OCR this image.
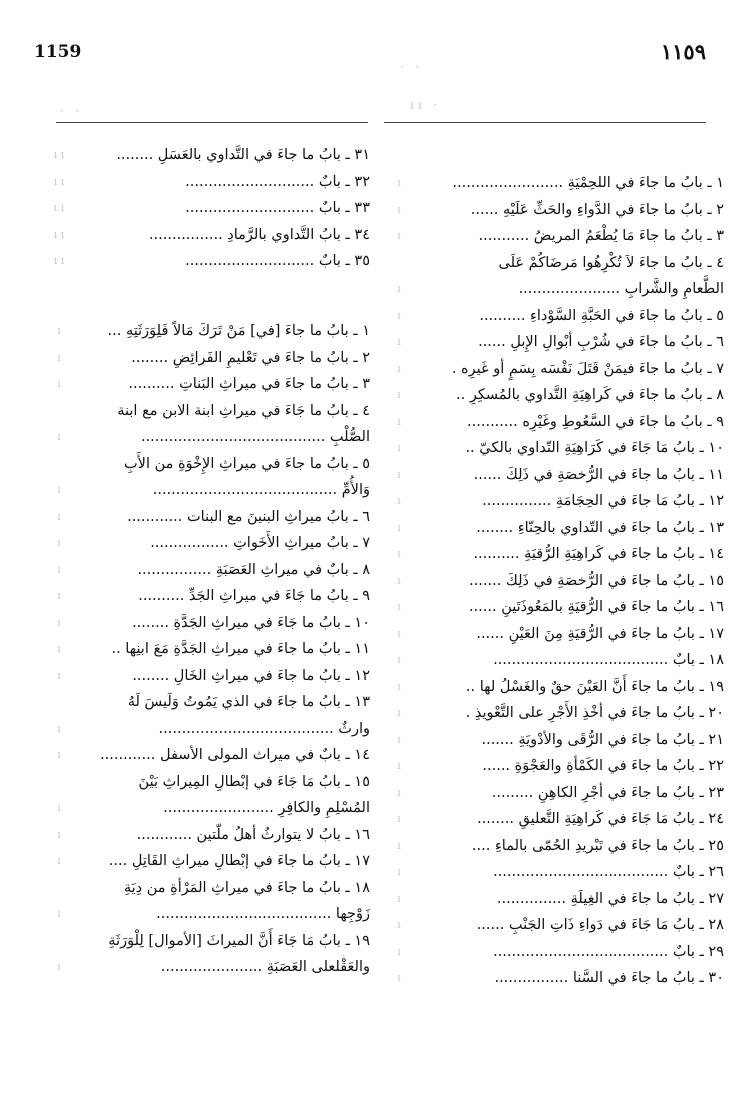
1159	١١٥٩
· ·
ıı ·
· ·
١ ـ بابُ ما جاءَ في اللحِمْيَةِ ........................
ı
٢ ـ بابُ ما جاءَ في الدَّواءِ والحَثِّ عَلَيْهِ ......
ı
٣ ـ بابُ ما جاءَ مَا يُطْعَمُ المريضُ ...........
ı
٤ ـ بابُ ما جاءَ لاَ تُكْرِهُوا مَرضَاكُمْ عَلَى
الطَّعامِ والشَّرابِ ......................
ı
٥ ـ بابُ ما جاءَ في الحَبَّةِ السَّوْداءِ ..........
ı
٦ ـ بابُ ما جاءَ في شُرْبِ أبْوالِ الإِبلِ ......
ı
٧ ـ بابُ ما جاءَ فيمَنْ قَتَلَ نَفْسَه بِسَمٍ أو غَيرِه .
ı
٨ ـ بابُ ما جاءَ في كَراهِيَةِ التَّداوي بالمُسكِرِ ..
ı
٩ ـ بابُ ما جاءَ في السَّعُوطِ وغَيْرِه ...........
ı
١٠ ـ بابُ مَا جَاءَ في كَرَاهِيَةِ التّداوي بالكيّ ..
ı
١١ ـ بابُ ما جاءَ في الرُّخصَةِ في ذَلِكَ ......
ı
١٢ ـ بابُ مَا جاءَ في الحِجَامَةِ ...............
ı
١٣ ـ بابُ ما جاءَ في التّداوي بالحِنّاءِ ........
ı
١٤ ـ بابُ ما جاءَ في كَراهِيَةِ الرُّقيَةِ ..........
ı
١٥ ـ بابُ ما جاءَ في الرُّخصَةِ في ذَلِكَ .......
ı
١٦ ـ بابُ ما جاءَ في الرُّقيَةِ بالمَعُوذَتَينِ ......
ı
١٧ ـ بابُ ما جاءَ في الرُّقيَةِ مِنَ العَيْنِ ......
ı
١٨ ـ بابٌ ......................................
ı
١٩ ـ بابُ ما جاءَ أَنَّ العَيْنَ حقٌ والغَسْلُ لها ..
ı
٢٠ ـ بابُ ما جاءَ في أخْذِ الأَجْرِ على التَّعْويذِ .
ı
٢١ ـ بابُ ما جاءَ في الرُّقَى والأدْويَةِ .......
ı
٢٢ ـ بابُ ما جاءَ في الكَمْأةِ والعَجْوَةِ ......
ı
٢٣ ـ بابُ ما جاءَ في أجْرِ الكاهِنِ .........
ı
٢٤ ـ بابُ مَا جَاءَ في كَراهِيَةِ التَّعليقِ ........
ı
٢٥ ـ بابُ ما جاءَ في تَبْريدِ الحُمّى بالماءِ ....
ı
٢٦ ـ بابٌ ......................................
ı
٢٧ ـ بابُ ما جاءَ في الغِيلَةِ ...............
ı
٢٨ ـ بابُ مَا جَاءَ في دَواءِ ذَاتِ الجَنْبِ ......
ı
٢٩ ـ بابٌ ......................................
ı
٣٠ ـ بابُ ما جاءَ في السَّنا ................
ı
٣١ ـ بابُ ما جاءَ في التَّداوي بالعَسَلِ ........
ı ı
٣٢ ـ بابٌ ............................
ı ı
٣٣ ـ بابٌ ............................
ı ı
٣٤ ـ بابُ التَّداوي بالرَّمادِ ................
ı ı
٣٥ ـ بابٌ ............................
ı ı
١ ـ بابُ ما جاءَ [في] مَنْ تَرَكَ مَالاً فَلِوَرَثَتِهِ ...
ı
٢ ـ بابُ ما جاءَ في تَعْليمِ الفَرائِضِ ........
ı
٣ ـ بابُ ما جاءَ في ميراثِ البَناتِ ..........
ı
٤ ـ بابُ ما جَاءَ في ميراثِ ابنة الابن مع ابنة
الصُّلْبِ ........................................
ı
٥ ـ بابُ ما جاءَ في ميراثِ الإِخْوَةِ من الأَبِ
وَالأُمِّ ........................................
ı
٦ ـ بابُ ميراثِ البنينَ مع البنات ............
ı
٧ ـ بابُ ميراثِ الأَخَواتِ .................
ı
٨ ـ بابٌ في ميراثِ العَصَبَةِ ................
ı
٩ ـ بابُ ما جَاءَ في ميراثِ الجَدِّ ..........
ı
١٠ ـ بابُ ما جَاءَ في ميراثِ الجَدَّةِ ........
ı
١١ ـ بابُ ما جاءَ في ميراثِ الجَدَّةِ مَعَ ابنِها ..
ı
١٢ ـ بابُ ما جاءَ في ميراثِ الخَالِ ........
ı
١٣ ـ بابُ ما جاءَ في الذي يَمُوتُ وَلَيسَ لَهُ
وارثٌ ......................................
ı
١٤ ـ بابٌ في ميراث المولى الأسفل ............
ı
١٥ ـ بابُ مَا جَاءَ في إبْطالِ المِيراثِ بَيْنَ
المُسْلِمِ والكافِرِ ........................
ı
١٦ ـ بابُ لا يتوارثُ أهلُ ملّتين ............
ı
١٧ ـ بابُ ما جاءَ في إبْطالِ ميراثِ القَاتِلِ ....
ı
١٨ ـ بابُ ما جاءَ في ميراثِ المَرْأةِ من دِيَةِ
زَوْجِها ......................................
ı
١٩ ـ بابُ مَا جَاءَ أَنَّ الميراثَ [الأموال] لِلْوَرَثَةِ
والعَقْلعلى العَصَبَةِ ......................
ı
